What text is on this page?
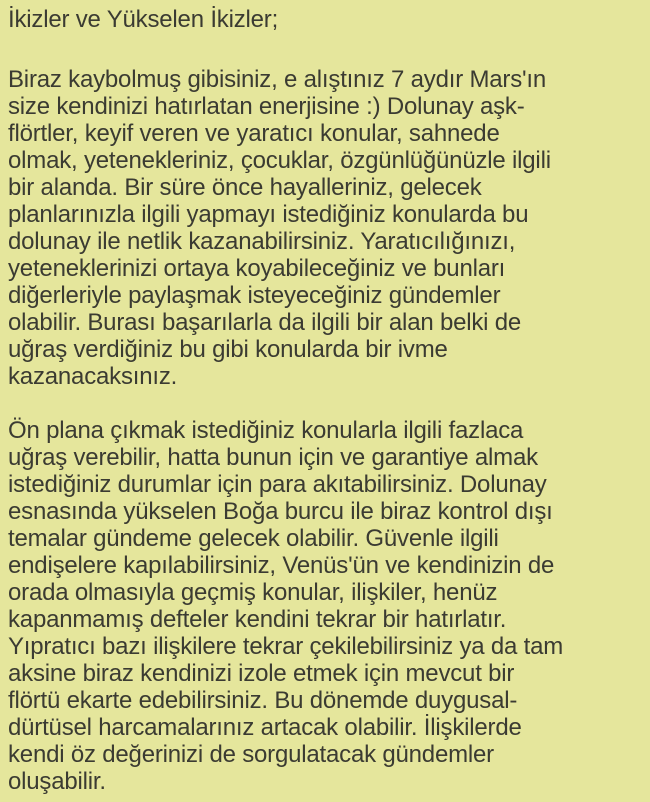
İkizler ve Yükselen İkizler;
Biraz kaybolmuş gibisiniz, e alıştınız 7 aydır Mars'ın
size kendinizi hatırlatan enerjisine :) Dolunay aşk-
flörtler, keyif veren ve yaratıcı konular, sahnede
olmak, yetenekleriniz, çocuklar, özgünlüğünüzle ilgili
bir alanda. Bir süre önce hayalleriniz, gelecek
planlarınızla ilgili yapmayı istediğiniz konularda bu
dolunay ile netlik kazanabilirsiniz. Yaratıcılığınızı,
yeteneklerinizi ortaya koyabileceğiniz ve bunları
diğerleriyle paylaşmak isteyeceğiniz gündemler
olabilir. Burası başarılarla da ilgili bir alan belki de
uğraş verdiğiniz bu gibi konularda bir ivme
kazanacaksınız.
Ön plana çıkmak istediğiniz konularla ilgili fazlaca
uğraş verebilir, hatta bunun için ve garantiye almak
istediğiniz durumlar için para akıtabilirsiniz. Dolunay
esnasında yükselen Boğa burcu ile biraz kontrol dışı
temalar gündeme gelecek olabilir. Güvenle ilgili
endişelere kapılabilirsiniz, Venüs'ün ve kendinizin de
orada olmasıyla geçmiş konular, ilişkiler, henüz
kapanmamış defteler kendini tekrar bir hatırlatır.
Yıpratıcı bazı ilişkilere tekrar çekilebilirsiniz ya da tam
aksine biraz kendinizi izole etmek için mevcut bir
flörtü ekarte edebilirsiniz. Bu dönemde duygusal-
dürtüsel harcamalarınız artacak olabilir. İlişkilerde
kendi öz değerinizi de sorgulatacak gündemler
oluşabilir.
